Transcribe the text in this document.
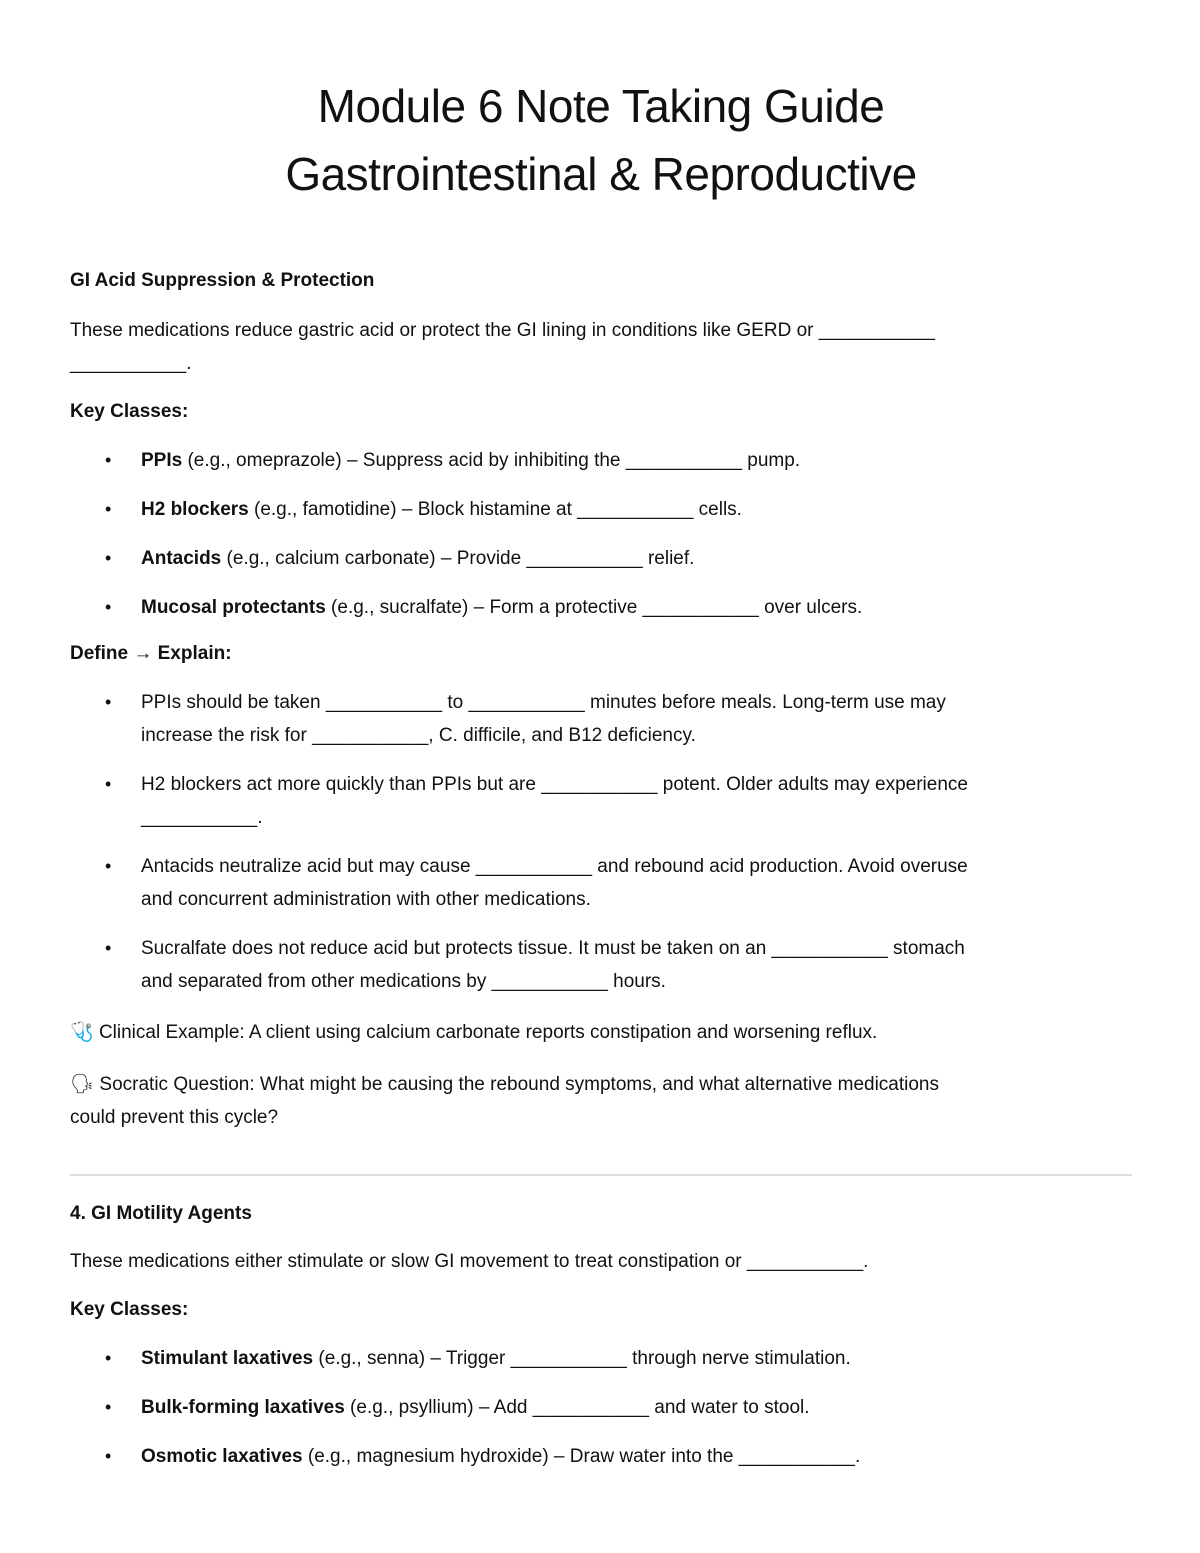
Module 6 Note Taking Guide
Gastrointestinal & Reproductive
GI Acid Suppression & Protection

These medications reduce gastric acid or protect the GI lining in conditions like GERD or ___________
___________.

Key Classes:
• PPIs (e.g., omeprazole) – Suppress acid by inhibiting the ___________ pump.
• H2 blockers (e.g., famotidine) – Block histamine at ___________ cells.
• Antacids (e.g., calcium carbonate) – Provide ___________ relief.
• Mucosal protectants (e.g., sucralfate) – Form a protective ___________ over ulcers.
Define → Explain:
• PPIs should be taken ___________ to ___________ minutes before meals. Long-term use may
increase the risk for ___________, C. difficile, and B12 deficiency.
• H2 blockers act more quickly than PPIs but are ___________ potent. Older adults may experience
___________.
• Antacids neutralize acid but may cause ___________ and rebound acid production. Avoid overuse
and concurrent administration with other medications.
• Sucralfate does not reduce acid but protects tissue. It must be taken on an ___________ stomach
and separated from other medications by ___________ hours.

🩺 Clinical Example: A client using calcium carbonate reports constipation and worsening reflux.

🗣 Socratic Question: What might be causing the rebound symptoms, and what alternative medications
could prevent this cycle?

4. GI Motility Agents

These medications either stimulate or slow GI movement to treat constipation or ___________.

Key Classes:
• Stimulant laxatives (e.g., senna) – Trigger ___________ through nerve stimulation.
• Bulk-forming laxatives (e.g., psyllium) – Add ___________ and water to stool.
• Osmotic laxatives (e.g., magnesium hydroxide) – Draw water into the ___________.
